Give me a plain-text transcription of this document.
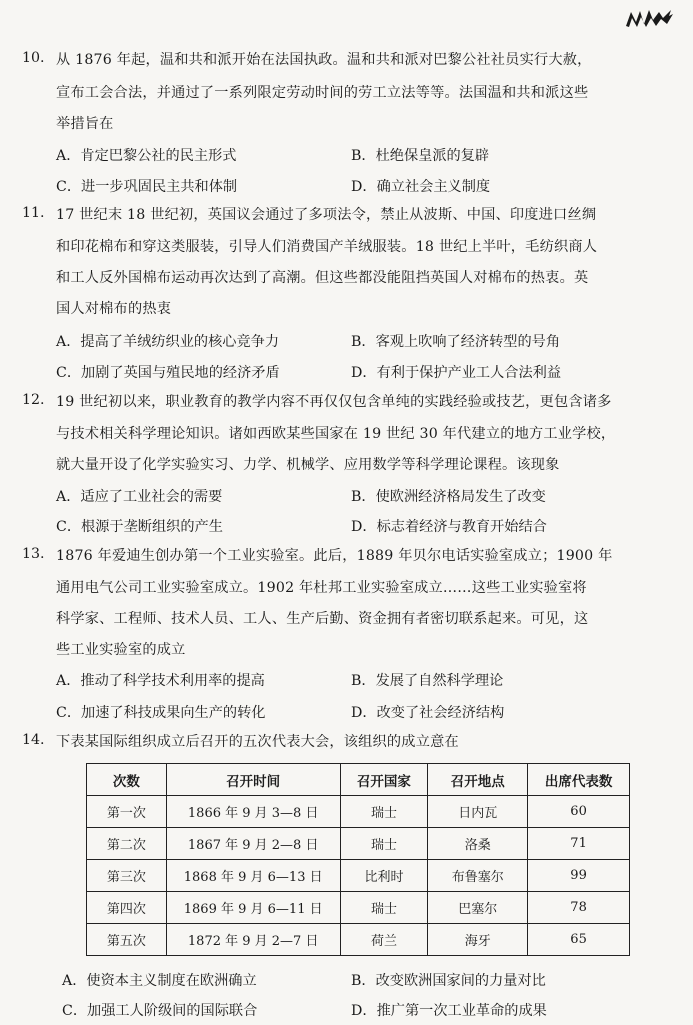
10. 从 1876 年起，温和共和派开始在法国执政。温和共和派对巴黎公社社员实行大赦，
宣布工会合法，并通过了一系列限定劳动时间的劳工立法等等。法国温和共和派这些
举措旨在
A．肯定巴黎公社的民主形式	B．杜绝保皇派的复辟
C．进一步巩固民主共和体制	D．确立社会主义制度
11. 17 世纪末 18 世纪初，英国议会通过了多项法令，禁止从波斯、中国、印度进口丝绸
和印花棉布和穿这类服装，引导人们消费国产羊绒服装。18 世纪上半叶，毛纺织商人
和工人反外国棉布运动再次达到了高潮。但这些都没能阻挡英国人对棉布的热衷。英
国人对棉布的热衷
A．提高了羊绒纺织业的核心竞争力	B．客观上吹响了经济转型的号角
C．加剧了英国与殖民地的经济矛盾	D．有利于保护产业工人合法利益
12. 19 世纪初以来，职业教育的教学内容不再仅仅包含单纯的实践经验或技艺，更包含诸多
与技术相关科学理论知识。诸如西欧某些国家在 19 世纪 30 年代建立的地方工业学校，
就大量开设了化学实验实习、力学、机械学、应用数学等科学理论课程。该现象
A．适应了工业社会的需要	B．使欧洲经济格局发生了改变
C．根源于垄断组织的产生	D．标志着经济与教育开始结合
13. 1876 年爱迪生创办第一个工业实验室。此后，1889 年贝尔电话实验室成立；1900 年
通用电气公司工业实验室成立。1902 年杜邦工业实验室成立……这些工业实验室将
科学家、工程师、技术人员、工人、生产后勤、资金拥有者密切联系起来。可见，这
些工业实验室的成立
A．推动了科学技术利用率的提高	B．发展了自然科学理论
C．加速了科技成果向生产的转化	D．改变了社会经济结构
14. 下表某国际组织成立后召开的五次代表大会，该组织的成立意在
次数	召开时间	召开国家	召开地点	出席代表数
第一次	1866 年 9 月 3—8 日	瑞士	日内瓦	60
第二次	1867 年 9 月 2—8 日	瑞士	洛桑	71
第三次	1868 年 9 月 6—13 日	比利时	布鲁塞尔	99
第四次	1869 年 9 月 6—11 日	瑞士	巴塞尔	78
第五次	1872 年 9 月 2—7 日	荷兰	海牙	65
A．使资本主义制度在欧洲确立	B．改变欧洲国家间的力量对比
C．加强工人阶级间的国际联合	D．推广第一次工业革命的成果
